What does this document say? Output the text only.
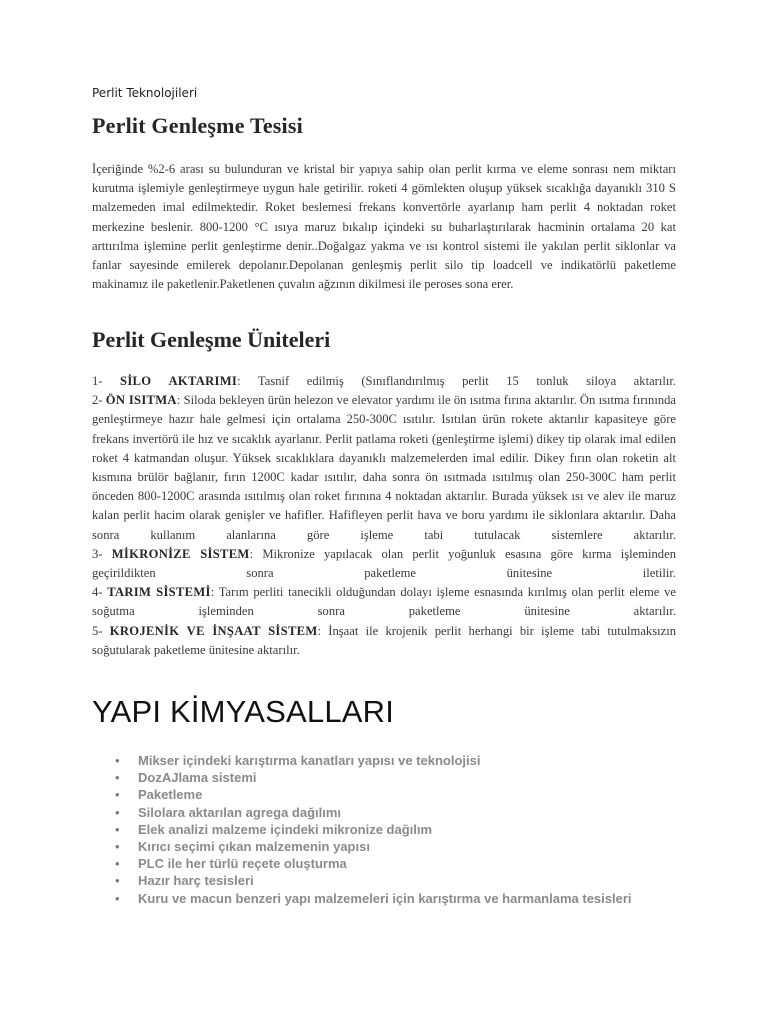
Perlit Teknolojileri
Perlit Genleşme Tesisi

İçeriğinde %2-6 arası su bulunduran ve kristal bir yapıya sahip olan perlit kırma ve eleme sonrası nem miktarı kurutma işlemiyle genleştirmeye uygun hale getirilir. roketi 4 gömlekten oluşup yüksek sıcaklığa dayanıklı 310 S malzemeden imal edilmektedir. Roket beslemesi frekans konvertörle ayarlanıp ham perlit 4 noktadan roket merkezine beslenir. 800-1200 °C ısıya maruz bıkalıp içindeki su buharlaştırılarak hacminin ortalama 20 kat arttırılma işlemine perlit genleştirme denir..Doğalgaz yakma ve ısı kontrol sistemi ile yakılan perlit siklonlar va fanlar sayesinde emilerek depolanır.Depolanan genleşmiş perlit silo tip loadcell ve indikatörlü paketleme makinamız ile paketlenir.Paketlenen çuvalın ağzının dikilmesi ile peroses sona erer.

Perlit Genleşme Üniteleri

1- SİLO AKTARIMI: Tasnif edilmiş (Sınıflandırılmış perlit 15 tonluk siloya aktarılır.

2- ÖN ISITMA: Siloda bekleyen ürün helezon ve elevator yardımı ile ön ısıtma fırına aktarılır. Ön ısıtma fırınında genleştirmeye hazır hale gelmesi için ortalama 250-300C ısıtılır. Isıtılan ürün rokete aktarılır kapasiteye göre frekans invertörü ile hız ve sıcaklık ayarlanır. Perlit patlama roketi (genleştirme işlemi) dikey tip olarak imal edilen roket 4 katmandan oluşur. Yüksek sıcaklıklara dayanıklı malzemelerden imal edilir. Dikey fırın olan roketin alt kısmına brülör bağlanır, fırın 1200C kadar ısıtılır, daha sonra ön ısıtmada ısıtılmış olan 250-300C ham perlit önceden 800-1200C arasında ısıtılmış olan roket fırınına 4 noktadan aktarılır. Burada yüksek ısı ve alev ile maruz kalan perlit hacim olarak genişler ve hafifler. Hafifleyen perlit hava ve boru yardımı ile siklonlara aktarılır. Daha sonra kullanım alanlarına göre işleme tabi tutulacak sistemlere aktarılır.

3- MİKRONİZE SİSTEM: Mikronize yapılacak olan perlit yoğunluk esasına göre kırma işleminden geçirildikten sonra paketleme ünitesine iletilir.

4- TARIM SİSTEMİ: Tarım perliti tanecikli olduğundan dolayı işleme esnasında kırılmış olan perlit eleme ve soğutma işleminden sonra paketleme ünitesine aktarılır.

5- KROJENİK VE İNŞAAT SİSTEM: İnşaat ile krojenik perlit herhangi bir işleme tabi tutulmaksızın soğutularak paketleme ünitesine aktarılır.

YAPI KİMYASALLARI
• Mikser içindeki karıştırma kanatları yapısı ve teknolojisi
• DozAJlama sistemi
• Paketleme
• Silolara aktarılan agrega dağılımı
• Elek analizi malzeme içindeki mikronize dağılım
• Kırıcı seçimi çıkan malzemenin yapısı
• PLC ile her türlü reçete oluşturma
• Hazır harç tesisleri
• Kuru ve macun benzeri yapı malzemeleri için karıştırma ve harmanlama tesisleri
